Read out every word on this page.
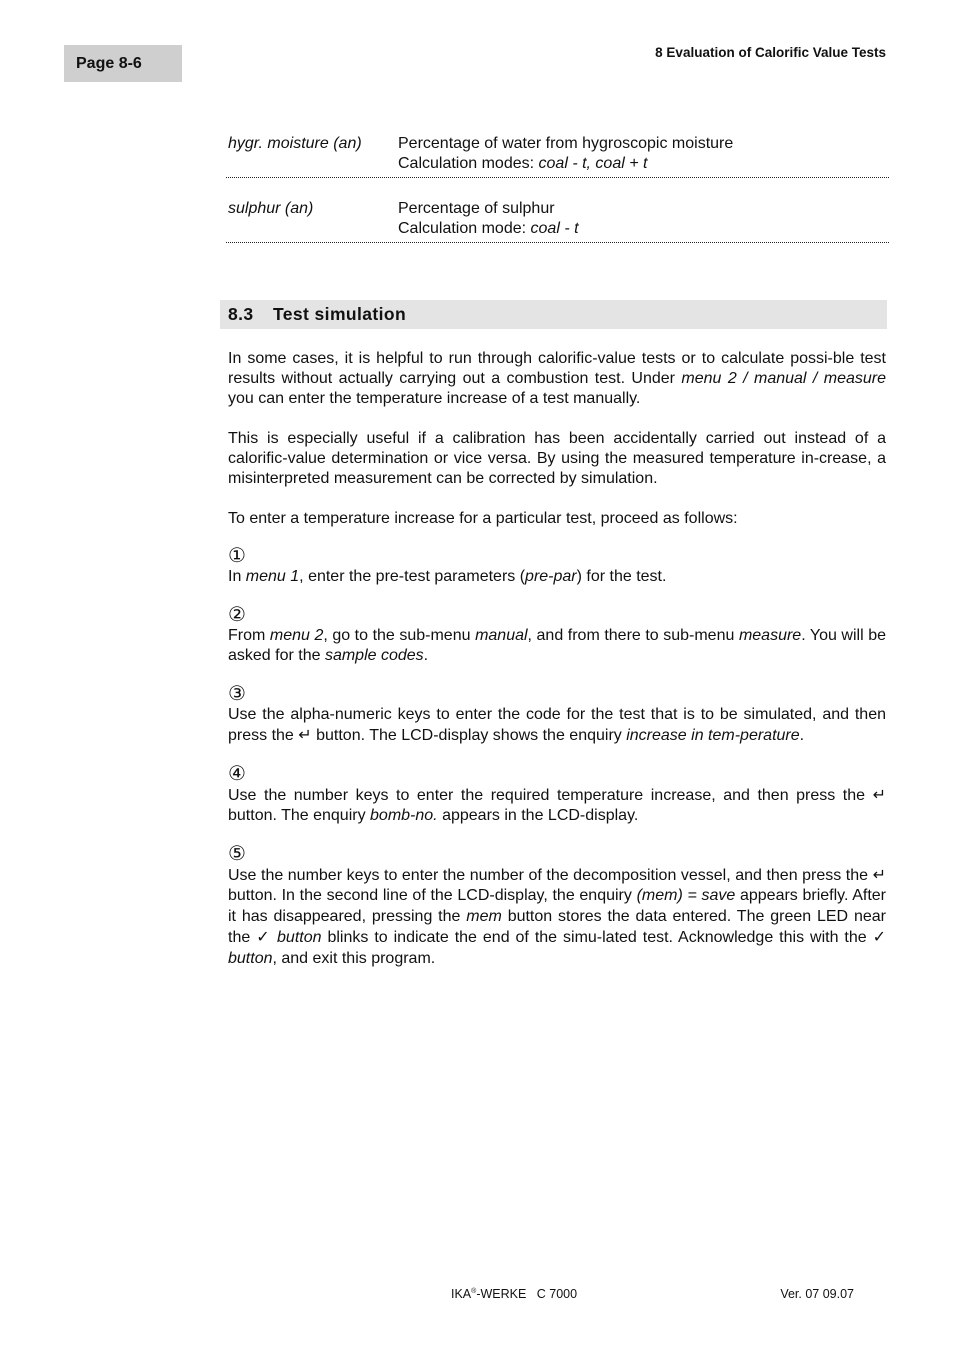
Page 8-6
8 Evaluation of Calorific Value Tests
hygr. moisture (an)	Percentage of water from hygroscopic moisture
Calculation modes: coal - t, coal + t
sulphur (an)	Percentage of sulphur
Calculation mode: coal - t
8.3 Test simulation

In some cases, it is helpful to run through calorific-value tests or to calculate possi-ble test results without actually carrying out a combustion test. Under menu 2 / manual / measure you can enter the temperature increase of a test manually.

This is especially useful if a calibration has been accidentally carried out instead of a calorific-value determination or vice versa. By using the measured temperature in-crease, a misinterpreted measurement can be corrected by simulation.

To enter a temperature increase for a particular test, proceed as follows:

①

In menu 1, enter the pre-test parameters (pre-par) for the test.

②

From menu 2, go to the sub-menu manual, and from there to sub-menu measure. You will be asked for the sample codes.

③

Use the alpha-numeric keys to enter the code for the test that is to be simulated, and then press the ↵ button. The LCD-display shows the enquiry increase in tem-perature.

④

Use the number keys to enter the required temperature increase, and then press the ↵ button. The enquiry bomb-no. appears in the LCD-display.

⑤

Use the number keys to enter the number of the decomposition vessel, and then press the ↵ button. In the second line of the LCD-display, the enquiry (mem) = save appears briefly. After it has disappeared, pressing the mem button stores the data entered. The green LED near the ✓ button blinks to indicate the end of the simu-lated test. Acknowledge this with the ✓ button, and exit this program.

IKA®-WERKE   C 7000	Ver. 07 09.07
